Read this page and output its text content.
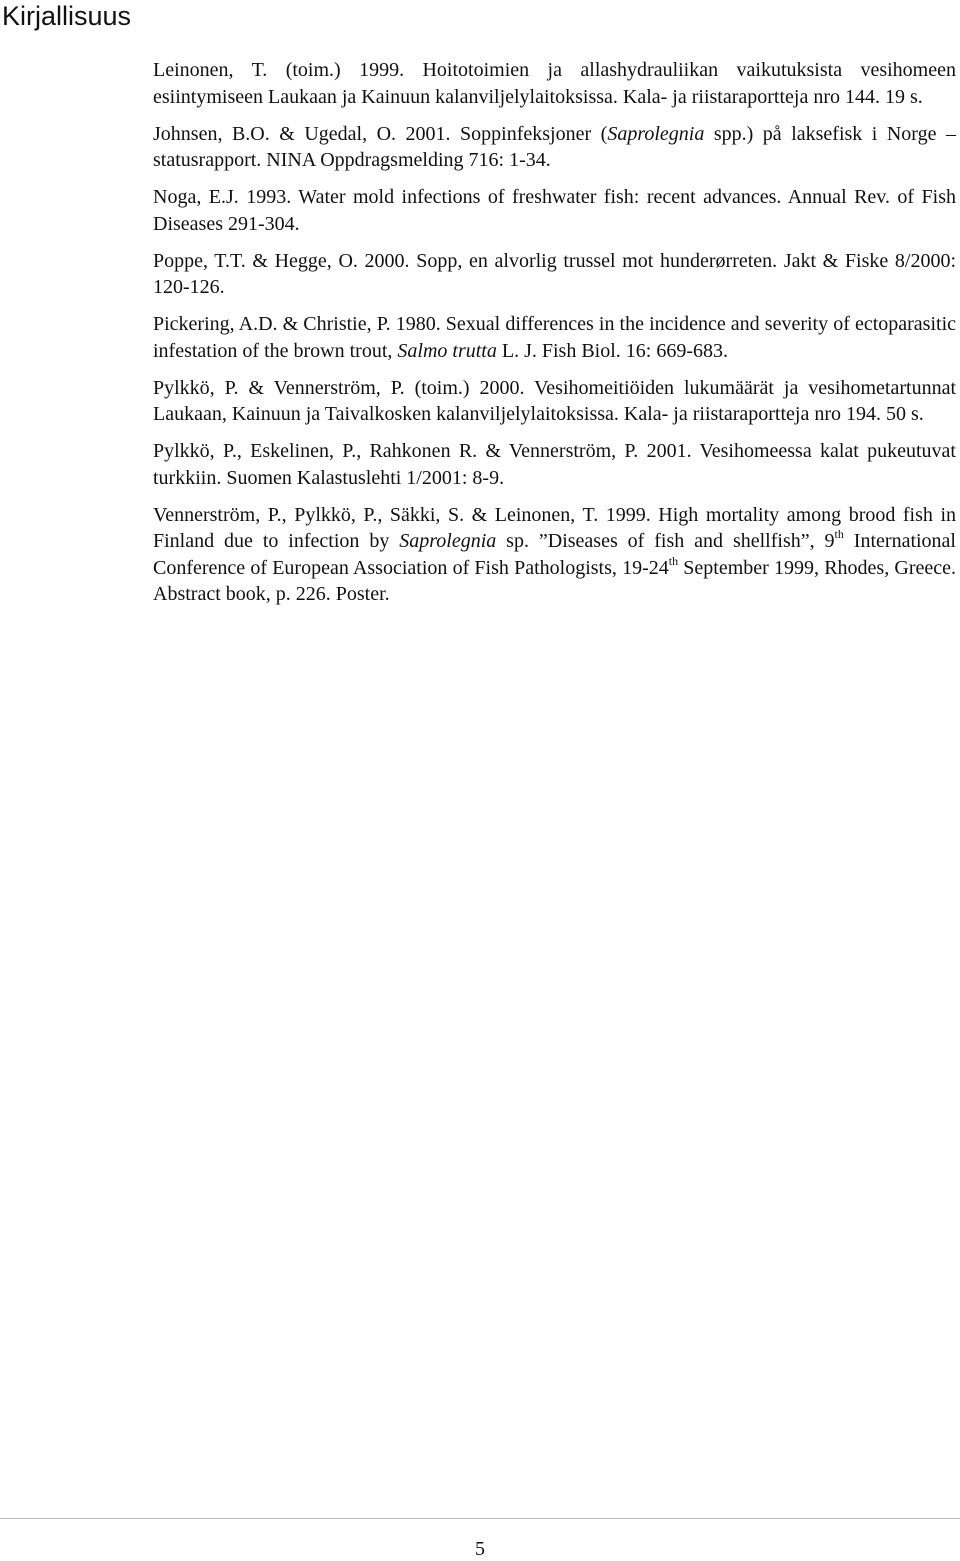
Kirjallisuus

Leinonen, T. (toim.) 1999. Hoitotoimien ja allashydrauliikan vaikutuksista vesihomeen esiintymiseen Laukaan ja Kainuun kalanviljelylaitoksissa. Kala- ja riistaraportteja nro 144. 19 s.

Johnsen, B.O. & Ugedal, O. 2001. Soppinfeksjoner (Saprolegnia spp.) på laksefisk i Norge – statusrapport. NINA Oppdragsmelding 716: 1-34.

Noga, E.J. 1993. Water mold infections of freshwater fish: recent advances. Annual Rev. of Fish Diseases 291-304.

Poppe, T.T. & Hegge, O. 2000. Sopp, en alvorlig trussel mot hunderørreten. Jakt & Fiske 8/2000: 120-126.

Pickering, A.D. & Christie, P. 1980. Sexual differences in the incidence and severity of ectoparasitic infestation of the brown trout, Salmo trutta L. J. Fish Biol. 16: 669-683.

Pylkkö, P. & Vennerström, P. (toim.) 2000. Vesihomeitiöiden lukumäärät ja vesihometartunnat Laukaan, Kainuun ja Taivalkosken kalanviljelylaitoksissa. Kala- ja riistaraportteja nro 194. 50 s.

Pylkkö, P., Eskelinen, P., Rahkonen R. & Vennerström, P. 2001. Vesihomeessa kalat pukeutuvat turkkiin. Suomen Kalastuslehti 1/2001: 8-9.

Vennerström, P., Pylkkö, P., Säkki, S. & Leinonen, T. 1999. High mortality among brood fish in Finland due to infection by Saprolegnia sp. ”Diseases of fish and shellfish”, 9th International Conference of European Association of Fish Pathologists, 19-24th September 1999, Rhodes, Greece. Abstract book, p. 226. Poster.

5
